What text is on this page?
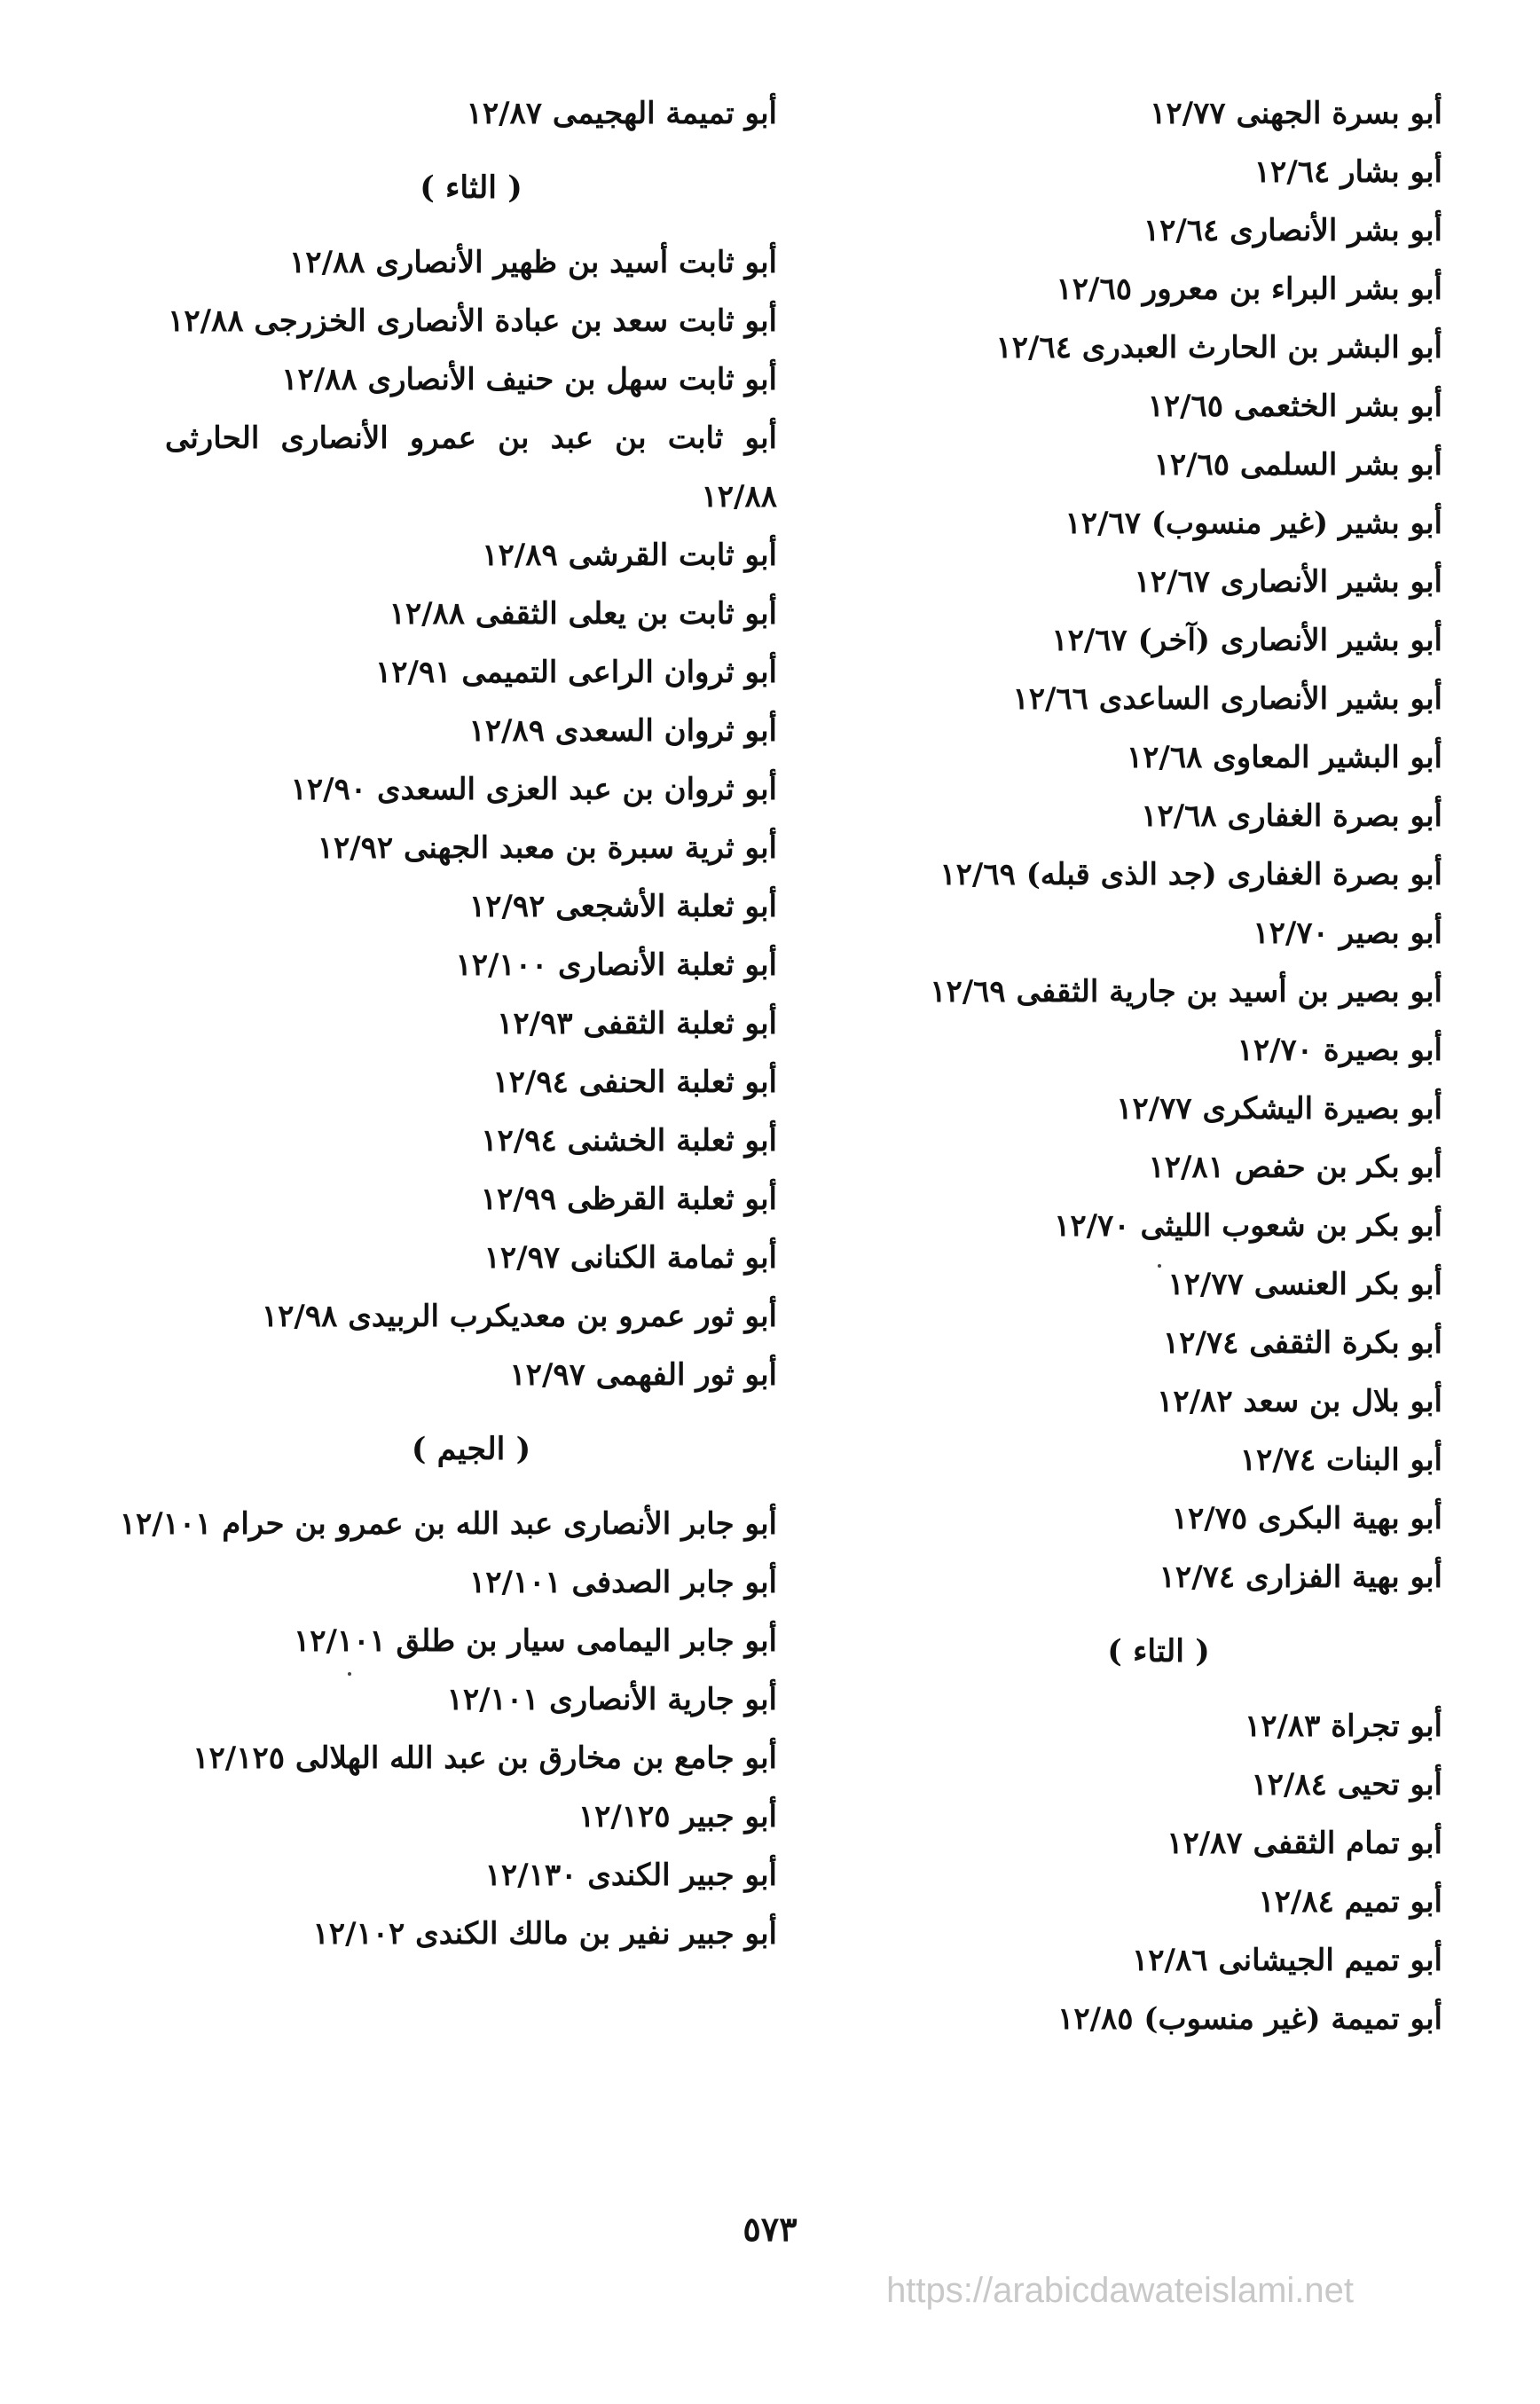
أبو بسرة الجهنى ١٢/٧٧
أبو بشار ١٢/٦٤
أبو بشر الأنصارى ١٢/٦٤
أبو بشر البراء بن معرور ١٢/٦٥
أبو البشر بن الحارث العبدرى ١٢/٦٤
أبو بشر الخثعمى ١٢/٦٥
أبو بشر السلمى ١٢/٦٥
أبو بشير (غير منسوب) ١٢/٦٧
أبو بشير الأنصارى ١٢/٦٧
أبو بشير الأنصارى (آخر) ١٢/٦٧
أبو بشير الأنصارى الساعدى ١٢/٦٦
أبو البشير المعاوى ١٢/٦٨
أبو بصرة الغفارى ١٢/٦٨
أبو بصرة الغفارى (جد الذى قبله) ١٢/٦٩
أبو بصير ١٢/٧٠
أبو بصير بن أسيد بن جارية الثقفى ١٢/٦٩
أبو بصيرة ١٢/٧٠
أبو بصيرة اليشكرى ١٢/٧٧
أبو بكر بن حفص ١٢/٨١
أبو بكر بن شعوب الليثى ١٢/٧٠
أبو بكر العنسى ١٢/٧٧
أبو بكرة الثقفى ١٢/٧٤
أبو بلال بن سعد ١٢/٨٢
أبو البنات ١٢/٧٤
أبو بهية البكرى ١٢/٧٥
أبو بهية الفزارى ١٢/٧٤
( التاء )
أبو تجراة ١٢/٨٣
أبو تحيى ١٢/٨٤
أبو تمام الثقفى ١٢/٨٧
أبو تميم ١٢/٨٤
أبو تميم الجيشانى ١٢/٨٦
أبو تميمة (غير منسوب) ١٢/٨٥
أبو تميمة الهجيمى ١٢/٨٧
( الثاء )
أبو ثابت أسيد بن ظهير الأنصارى ١٢/٨٨
أبو ثابت سعد بن عبادة الأنصارى الخزرجى ١٢/٨٨
أبو ثابت سهل بن حنيف الأنصارى ١٢/٨٨
أبو ثابت بن عبد بن عمرو الأنصارى الحارثى ١٢/٨٨
أبو ثابت القرشى ١٢/٨٩
أبو ثابت بن يعلى الثقفى ١٢/٨٨
أبو ثروان الراعى التميمى ١٢/٩١
أبو ثروان السعدى ١٢/٨٩
أبو ثروان بن عبد العزى السعدى ١٢/٩٠
أبو ثرية سبرة بن معبد الجهنى ١٢/٩٢
أبو ثعلبة الأشجعى ١٢/٩٢
أبو ثعلبة الأنصارى ١٢/١٠٠
أبو ثعلبة الثقفى ١٢/٩٣
أبو ثعلبة الحنفى ١٢/٩٤
أبو ثعلبة الخشنى ١٢/٩٤
أبو ثعلبة القرظى ١٢/٩٩
أبو ثمامة الكنانى ١٢/٩٧
أبو ثور عمرو بن معديكرب الربيدى ١٢/٩٨
أبو ثور الفهمى ١٢/٩٧
( الجيم )
أبو جابر الأنصارى عبد الله بن عمرو بن حرام ١٢/١٠١
أبو جابر الصدفى ١٢/١٠١
أبو جابر اليمامى سيار بن طلق ١٢/١٠١
أبو جارية الأنصارى ١٢/١٠١
أبو جامع بن مخارق بن عبد الله الهلالى ١٢/١٢٥
أبو جبير ١٢/١٢٥
أبو جبير الكندى ١٢/١٣٠
أبو جبير نفير بن مالك الكندى ١٢/١٠٢
٥٧٣
https://arabicdawateislami.net
